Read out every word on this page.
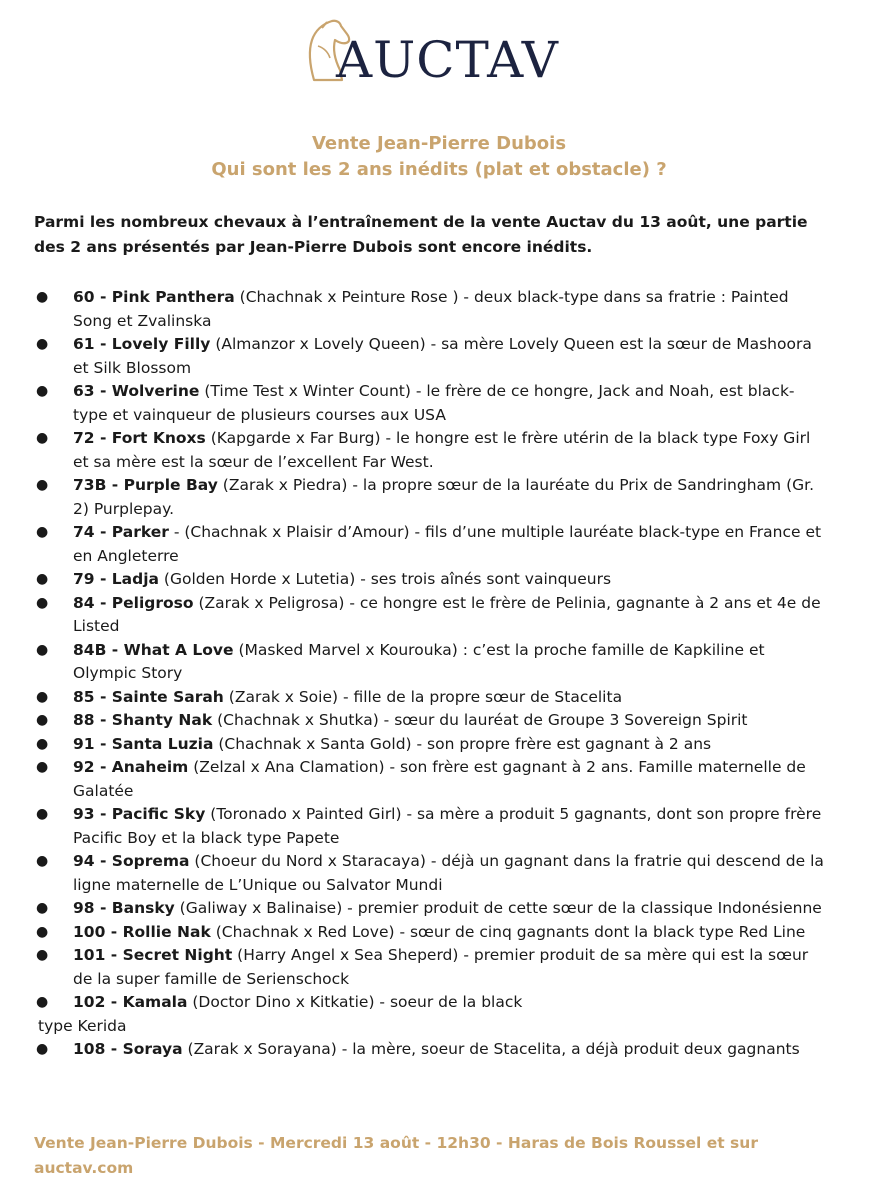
AUCTAV
Vente Jean-Pierre Dubois
Qui sont les 2 ans inédits (plat et obstacle) ?
Parmi les nombreux chevaux à l’entraînement de la vente Auctav du 13 août, une partie des 2 ans présentés par Jean-Pierre Dubois sont encore inédits.
● 60 - Pink Panthera (Chachnak x Peinture Rose ) - deux black-type dans sa fratrie : Painted Song et Zvalinska
● 61 - Lovely Filly (Almanzor x Lovely Queen) - sa mère Lovely Queen est la sœur de Mashoora et Silk Blossom
● 63 - Wolverine (Time Test x Winter Count) - le frère de ce hongre, Jack and Noah, est black-type et vainqueur de plusieurs courses aux USA
● 72 - Fort Knoxs (Kapgarde x Far Burg) - le hongre est le frère utérin de la black type Foxy Girl et sa mère est la sœur de l’excellent Far West.
● 73B - Purple Bay (Zarak x Piedra) - la propre sœur de la lauréate du Prix de Sandringham (Gr. 2) Purplepay.
● 74 - Parker - (Chachnak x Plaisir d’Amour) - fils d’une multiple lauréate black-type en France et en Angleterre
● 79 - Ladja (Golden Horde x Lutetia) - ses trois aînés sont vainqueurs
● 84 - Peligroso (Zarak x Peligrosa) - ce hongre est le frère de Pelinia, gagnante à 2 ans et 4e de Listed
● 84B - What A Love (Masked Marvel x Kourouka) : c’est la proche famille de Kapkiline et Olympic Story
● 85 - Sainte Sarah (Zarak x Soie) - fille de la propre sœur de Stacelita
● 88 - Shanty Nak (Chachnak x Shutka) - sœur du lauréat de Groupe 3 Sovereign Spirit
● 91 - Santa Luzia (Chachnak x Santa Gold) - son propre frère est gagnant à 2 ans
● 92 - Anaheim (Zelzal x Ana Clamation) - son frère est gagnant à 2 ans. Famille maternelle de Galatée
● 93 - Pacific Sky (Toronado x Painted Girl) - sa mère a produit 5 gagnants, dont son propre frère Pacific Boy et la black type Papete
● 94 - Soprema (Choeur du Nord x Staracaya) - déjà un gagnant dans la fratrie qui descend de la ligne maternelle de L’Unique ou Salvator Mundi
● 98 - Bansky (Galiway x Balinaise) - premier produit de cette sœur de la classique Indonésienne
● 100 - Rollie Nak (Chachnak x Red Love) - sœur de cinq gagnants dont la black type Red Line
● 101 - Secret Night (Harry Angel x Sea Sheperd) - premier produit de sa mère qui est la sœur de la super famille de Serienschock
● 102 - Kamala (Doctor Dino x Kitkatie) - soeur de la black
type Kerida
● 108 - Soraya (Zarak x Sorayana) - la mère, soeur de Stacelita, a déjà produit deux gagnants
Vente Jean-Pierre Dubois - Mercredi 13 août - 12h30 - Haras de Bois Roussel et sur auctav.com
